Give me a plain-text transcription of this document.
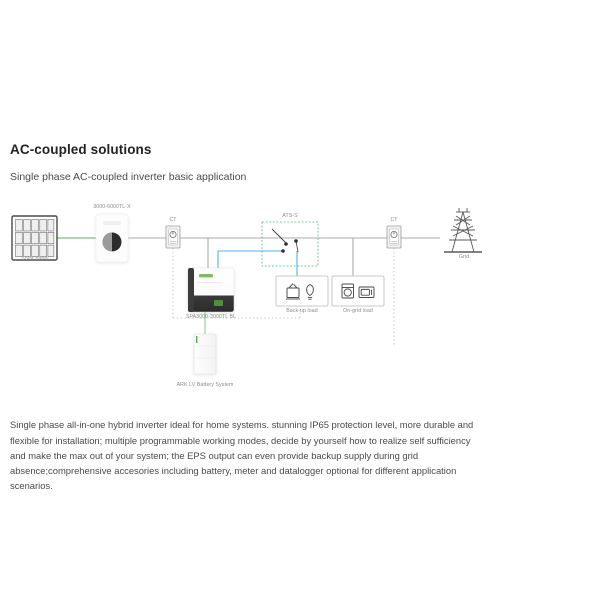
AC-coupled solutions
Single phase AC-coupled inverter basic application
Solar panel
3000-6000TL-X
CT
ATS-S
CT
Grid
SPA3000-3000TL BL
ARK LV Battery System
Back-up load	On-grid load

Single phase all-in-one hybrid inverter ideal for home systems. stunning IP65 protection level, more durable and flexible for installation; multiple programmable working modes, decide by yourself how to realize self sufficiency and make the max out of your system; the EPS output can even provide backup supply during grid absence;comprehensive accesories including battery, meter and datalogger optional for different application scenarios.
